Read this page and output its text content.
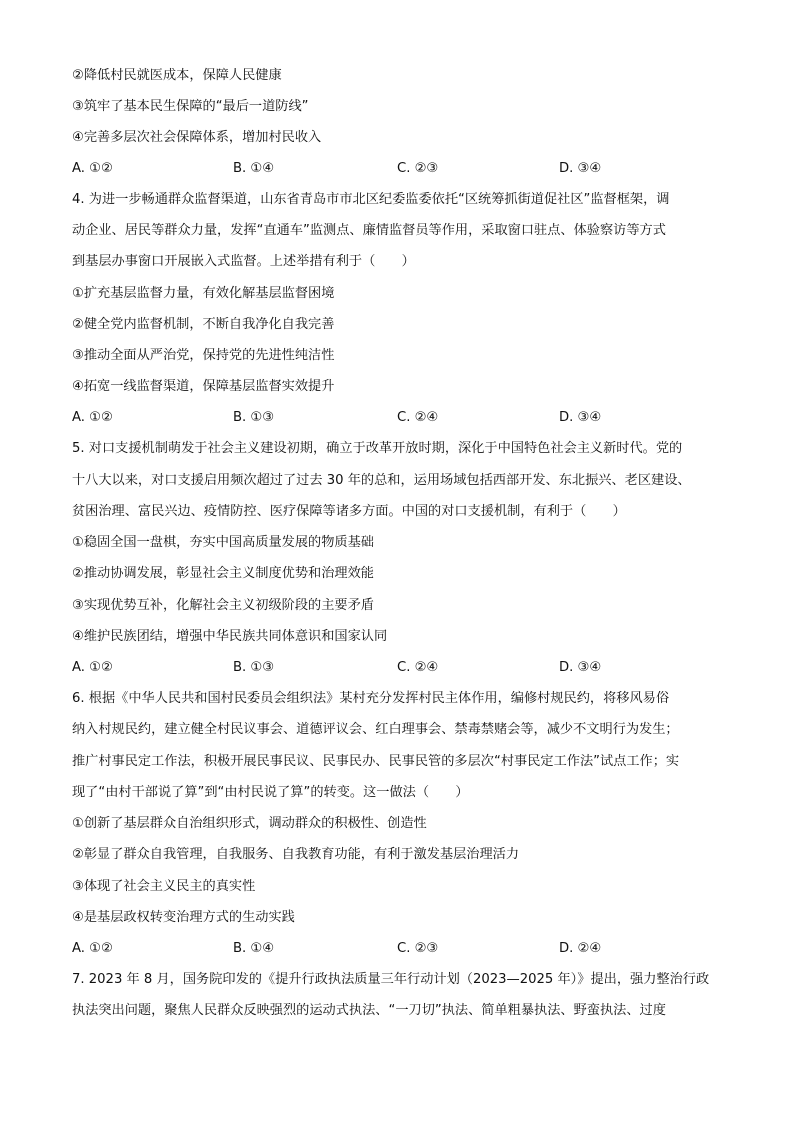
②降低村民就医成本，保障人民健康
③筑牢了基本民生保障的“最后一道防线”
④完善多层次社会保障体系，增加村民收入
A. ①②	B. ①④	C. ②③	D. ③④
4. 为进一步畅通群众监督渠道，山东省青岛市市北区纪委监委依托“区统筹抓街道促社区”监督框架，调
动企业、居民等群众力量，发挥“直通车”监测点、廉情监督员等作用，采取窗口驻点、体验察访等方式
到基层办事窗口开展嵌入式监督。上述举措有利于（　　）
①扩充基层监督力量，有效化解基层监督困境
②健全党内监督机制，不断自我净化自我完善
③推动全面从严治党，保持党的先进性纯洁性
④拓宽一线监督渠道，保障基层监督实效提升
A. ①②	B. ①③	C. ②④	D. ③④
5. 对口支援机制萌发于社会主义建设初期，确立于改革开放时期，深化于中国特色社会主义新时代。党的
十八大以来，对口支援启用频次超过了过去 30 年的总和，运用场域包括西部开发、东北振兴、老区建设、
贫困治理、富民兴边、疫情防控、医疗保障等诸多方面。中国的对口支援机制，有利于（　　）
①稳固全国一盘棋，夯实中国高质量发展的物质基础
②推动协调发展，彰显社会主义制度优势和治理效能
③实现优势互补，化解社会主义初级阶段的主要矛盾
④维护民族团结，增强中华民族共同体意识和国家认同
A. ①②	B. ①③	C. ②④	D. ③④
6. 根据《中华人民共和国村民委员会组织法》某村充分发挥村民主体作用，编修村规民约，将移风易俗
纳入村规民约，建立健全村民议事会、道德评议会、红白理事会、禁毒禁赌会等，减少不文明行为发生；
推广村事民定工作法，积极开展民事民议、民事民办、民事民管的多层次“村事民定工作法”试点工作；实
现了“由村干部说了算”到“由村民说了算”的转变。这一做法（　　）
①创新了基层群众自治组织形式，调动群众的积极性、创造性
②彰显了群众自我管理，自我服务、自我教育功能，有利于激发基层治理活力
③体现了社会主义民主的真实性
④是基层政权转变治理方式的生动实践
A. ①②	B. ①④	C. ②③	D. ②④
7. 2023 年 8 月，国务院印发的《提升行政执法质量三年行动计划（2023—2025 年）》提出，强力整治行政
执法突出问题，聚焦人民群众反映强烈的运动式执法、“一刀切”执法、简单粗暴执法、野蛮执法、过度
